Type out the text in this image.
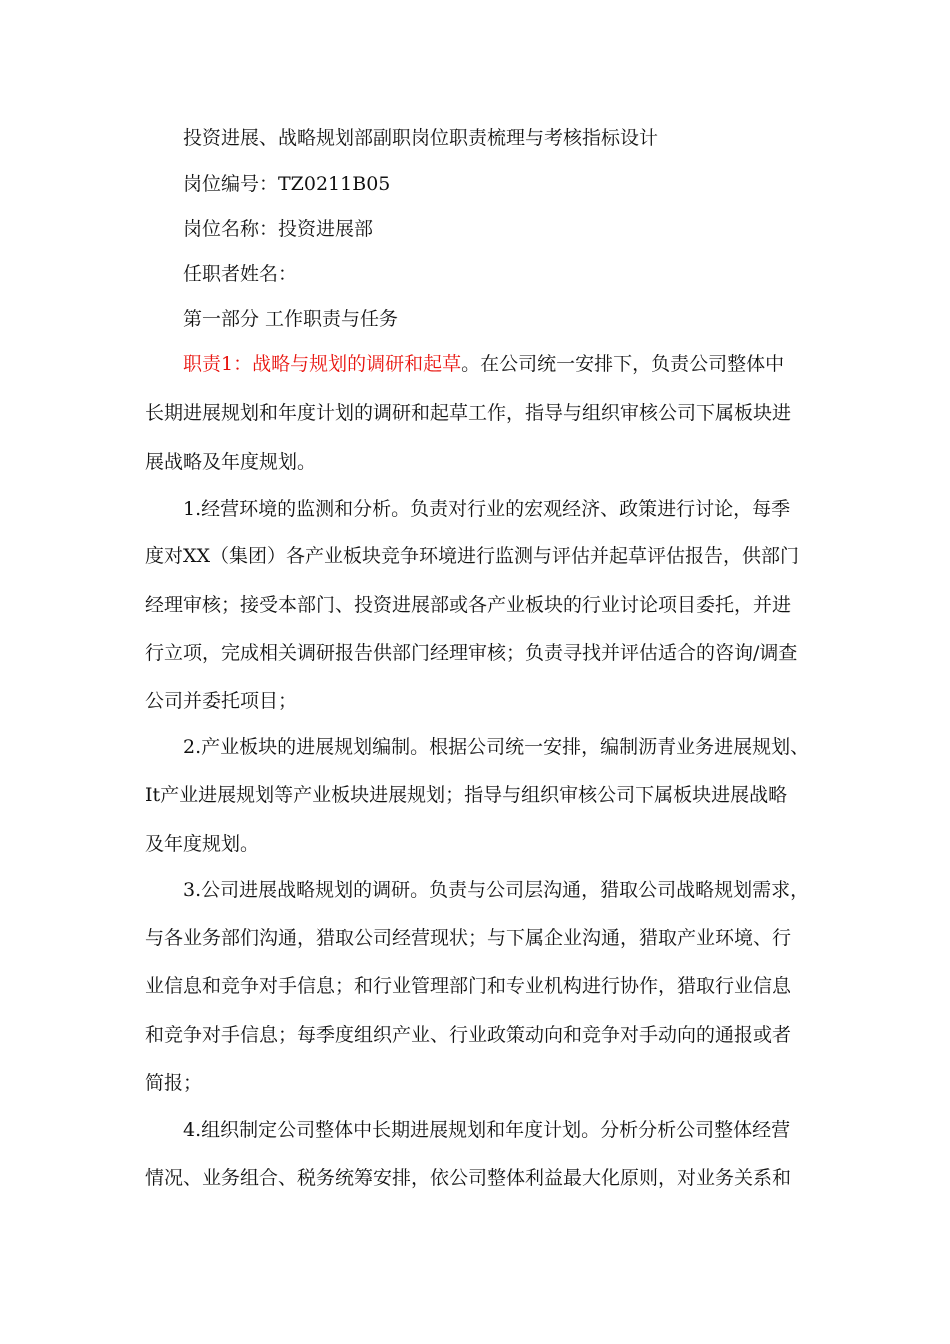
投资进展、战略规划部副职岗位职责梳理与考核指标设计
岗位编号：TZ0211B05
岗位名称：投资进展部
任职者姓名：
第一部分 工作职责与任务
职责1：战略与规划的调研和起草。在公司统一安排下，负责公司整体中
长期进展规划和年度计划的调研和起草工作，指导与组织审核公司下属板块进
展战略及年度规划。
1.经营环境的监测和分析。负责对行业的宏观经济、政策进行讨论，每季
度对XX（集团）各产业板块竞争环境进行监测与评估并起草评估报告，供部门
经理审核；接受本部门、投资进展部或各产业板块的行业讨论项目委托，并进
行立项，完成相关调研报告供部门经理审核；负责寻找并评估适合的咨询/调查
公司并委托项目；
2.产业板块的进展规划编制。根据公司统一安排，编制沥青业务进展规划、
It产业进展规划等产业板块进展规划；指导与组织审核公司下属板块进展战略
及年度规划。
3.公司进展战略规划的调研。负责与公司层沟通，猎取公司战略规划需求，
与各业务部们沟通，猎取公司经营现状；与下属企业沟通，猎取产业环境、行
业信息和竞争对手信息；和行业管理部门和专业机构进行协作，猎取行业信息
和竞争对手信息；每季度组织产业、行业政策动向和竞争对手动向的通报或者
简报；
4.组织制定公司整体中长期进展规划和年度计划。分析分析公司整体经营
情况、业务组合、税务统筹安排，依公司整体利益最大化原则，对业务关系和
